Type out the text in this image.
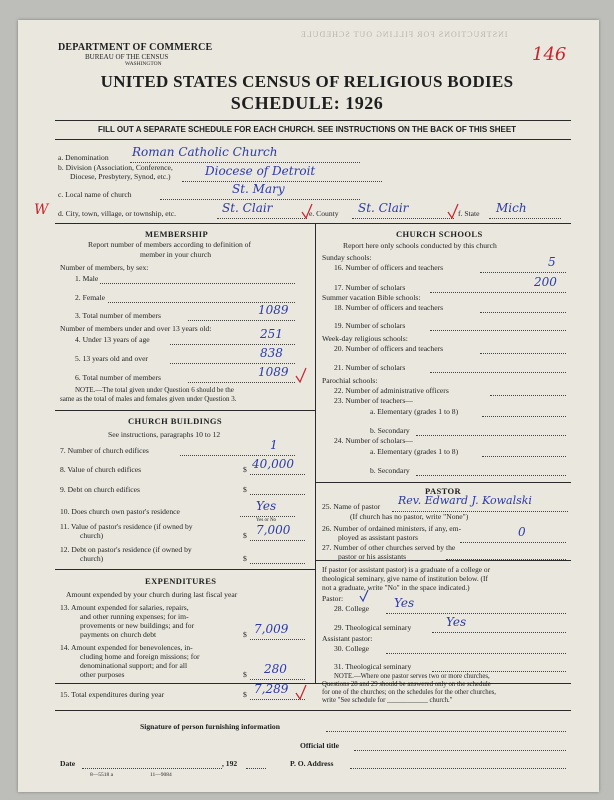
INSTRUCTIONS FOR FILLING OUT SCHEDULE
DEPARTMENT OF COMMERCE
BUREAU OF THE CENSUS
WASHINGTON	146
UNITED STATES CENSUS OF RELIGIOUS BODIES
SCHEDULE: 1926
FILL OUT A SEPARATE SCHEDULE FOR EACH CHURCH. SEE INSTRUCTIONS ON THE BACK OF THIS SHEET
a. Denomination Roman Catholic Church
b. Division (Association, Conference,
Diocese, Presbytery, Synod, etc.)	Diocese of Detroit
c. Local name of church	St. Mary
W d. City, town, village, or township, etc.	St. Clair	e. County St. Clair	f. State Mich
MEMBERSHIP
Report number of members according to definition of
member in your church
Number of members, by sex:
1. Male
2. Female
3. Total number of members	1089
Number of members under and over 13 years old:
4. Under 13 years of age	251
5. 13 years old and over	838
6. Total number of members	1089
NOTE.—The total given under Question 6 should be the
same as the total of males and females given under Question 3.
CHURCH BUILDINGS
See instructions, paragraphs 10 to 12
7. Number of church edifices	1
8. Value of church edifices	$ 40,000
9. Debt on church edifices	$
10. Does church own pastor's residence	Yes
Yes or No
11. Value of pastor's residence (if owned by
church)	$ 7,000
12. Debt on pastor's residence (if owned by
church)	$
EXPENDITURES
Amount expended by your church during last fiscal year
13. Amount expended for salaries, repairs,
and other running expenses; for im-
provements or new buildings; and for
payments on church debt	$ 7,009
14. Amount expended for benevolences, in-
cluding home and foreign missions; for
denominational support; and for all
other purposes	$ 280
15. Total expenditures during year	$ 7,289
CHURCH SCHOOLS
Report here only schools conducted by this church
Sunday schools:
16. Number of officers and teachers	5
17. Number of scholars	200
Summer vacation Bible schools:
18. Number of officers and teachers
19. Number of scholars
Week-day religious schools:
20. Number of officers and teachers
21. Number of scholars
Parochial schools:
22. Number of administrative officers
23. Number of teachers—
a. Elementary (grades 1 to 8)
b. Secondary
24. Number of scholars—
a. Elementary (grades 1 to 8)
b. Secondary
PASTOR
25. Name of pastor Rev. Edward J. Kowalski
(If church has no pastor, write "None")
26. Number of ordained ministers, if any, em-
ployed as assistant pastors	0
27. Number of other churches served by the
pastor or his assistants
If pastor (or assistant pastor) is a graduate of a college or
theological seminary, give name of institution below. (If
not a graduate, write "No" in the space indicated.)
Pastor:
28. College Yes
29. Theological seminary	Yes
Assistant pastor:
30. College
31. Theological seminary
NOTE.—Where one pastor serves two or more churches,
Questions 28 and 29 should be answered only on the schedule
for one of the churches; on the schedules for the other churches,
write "See schedule for ____________ church."
Signature of person furnishing information
Official title
Date	, 192	P. O. Address
8—5518 a	11—9084
